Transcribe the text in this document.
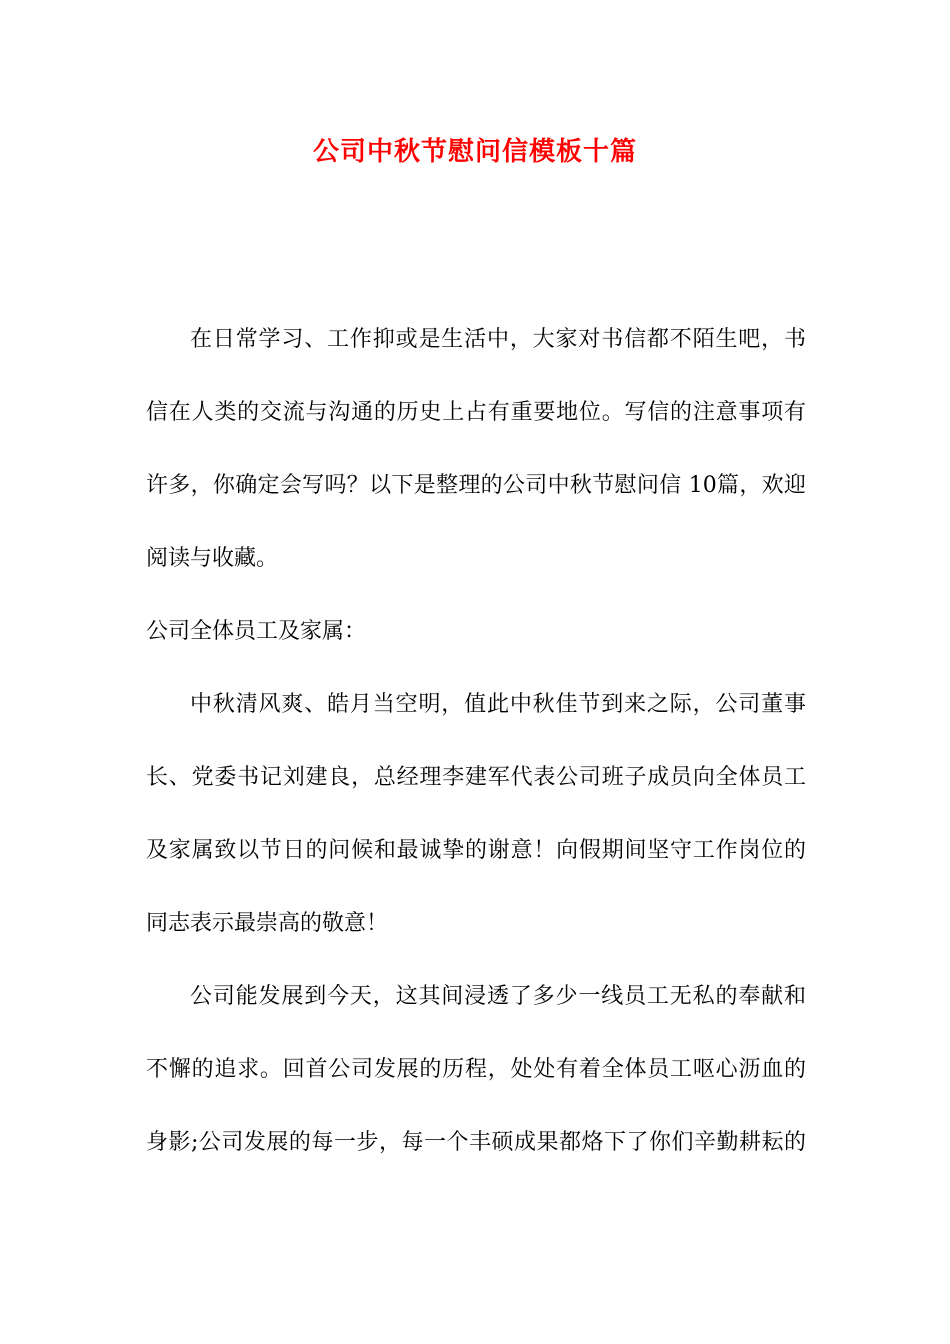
公司中秋节慰问信模板十篇
在日常学习、工作抑或是生活中，大家对书信都不陌生吧，书
信在人类的交流与沟通的历史上占有重要地位。写信的注意事项有
许多，你确定会写吗？以下是整理的公司中秋节慰问信 10篇，欢迎
阅读与收藏。
公司全体员工及家属：
中秋清风爽、皓月当空明，值此中秋佳节到来之际，公司董事
长、党委书记刘建良，总经理李建军代表公司班子成员向全体员工
及家属致以节日的问候和最诚挚的谢意！向假期间坚守工作岗位的
同志表示最崇高的敬意！
公司能发展到今天，这其间浸透了多少一线员工无私的奉献和
不懈的追求。回首公司发展的历程，处处有着全体员工呕心沥血的
身影;公司发展的每一步，每一个丰硕成果都烙下了你们辛勤耕耘的
